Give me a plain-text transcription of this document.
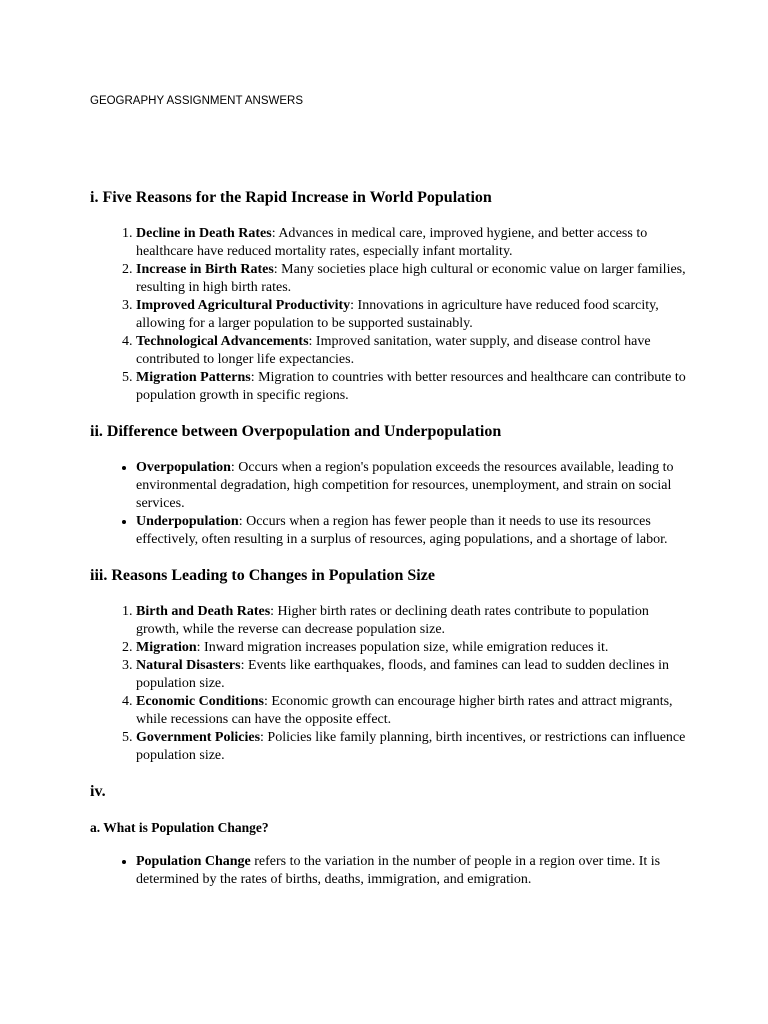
GEOGRAPHY ASSIGNMENT ANSWERS
i. Five Reasons for the Rapid Increase in World Population
1. Decline in Death Rates: Advances in medical care, improved hygiene, and better access to healthcare have reduced mortality rates, especially infant mortality.
2. Increase in Birth Rates: Many societies place high cultural or economic value on larger families, resulting in high birth rates.
3. Improved Agricultural Productivity: Innovations in agriculture have reduced food scarcity, allowing for a larger population to be supported sustainably.
4. Technological Advancements: Improved sanitation, water supply, and disease control have contributed to longer life expectancies.
5. Migration Patterns: Migration to countries with better resources and healthcare can contribute to population growth in specific regions.
ii. Difference between Overpopulation and Underpopulation
• Overpopulation: Occurs when a region's population exceeds the resources available, leading to environmental degradation, high competition for resources, unemployment, and strain on social services.
• Underpopulation: Occurs when a region has fewer people than it needs to use its resources effectively, often resulting in a surplus of resources, aging populations, and a shortage of labor.
iii. Reasons Leading to Changes in Population Size
1. Birth and Death Rates: Higher birth rates or declining death rates contribute to population growth, while the reverse can decrease population size.
2. Migration: Inward migration increases population size, while emigration reduces it.
3. Natural Disasters: Events like earthquakes, floods, and famines can lead to sudden declines in population size.
4. Economic Conditions: Economic growth can encourage higher birth rates and attract migrants, while recessions can have the opposite effect.
5. Government Policies: Policies like family planning, birth incentives, or restrictions can influence population size.
iv.
a. What is Population Change?
• Population Change refers to the variation in the number of people in a region over time. It is determined by the rates of births, deaths, immigration, and emigration.
